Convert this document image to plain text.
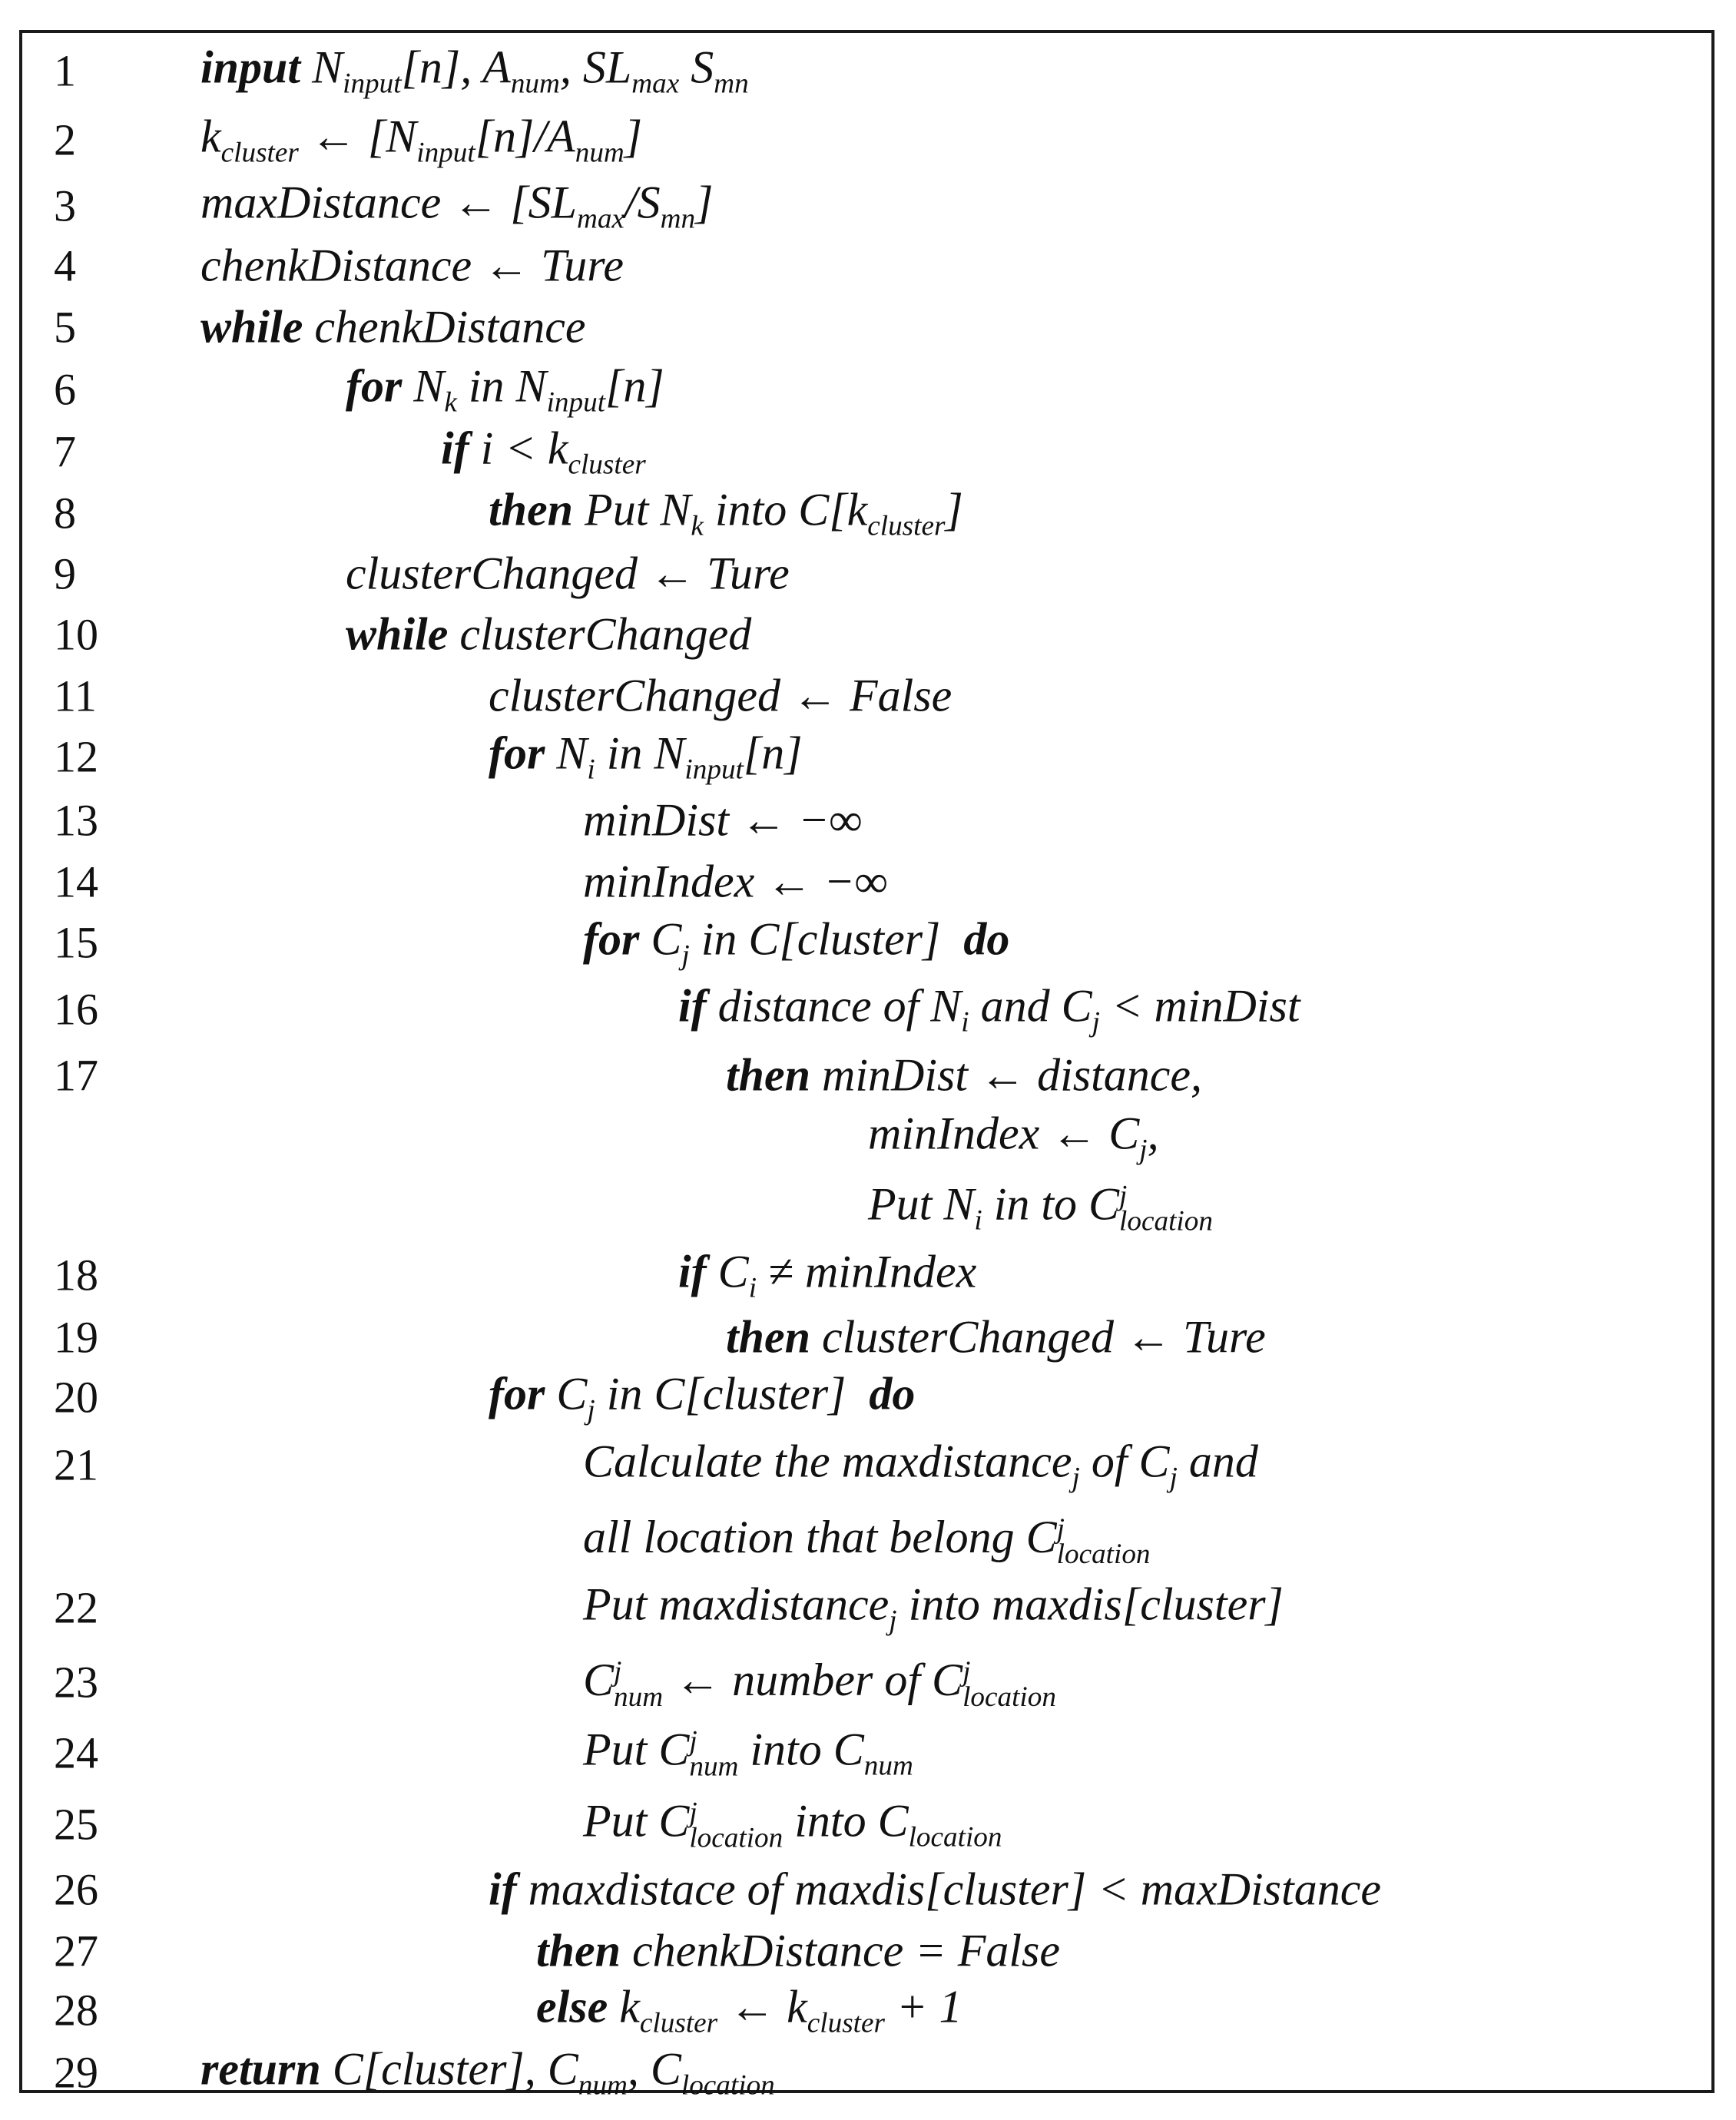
1	input $N_{input}[n]$, $A_{num}$, $SL_{max}$ $S_{mn}$
2	$k_{cluster}$ ← $[N_{input}[n]/A_{num}]$
3	maxDistance ← $[SL_{max}/S_{mn}]$
4	chenkDistance ← Ture
5	while chenkDistance
6	for $N_k$ in $N_{input}[n]$
7	if $i < k_{cluster}$
8	then Put $N_k$ into $C[k_{cluster}]$
9	clusterChanged ← Ture
10	while clusterChanged
11	clusterChanged ← False
12	for $N_i$ in $N_{input}[n]$
13	minDist ← −∞
14	minIndex ← −∞
15	for $C_j$ in C[cluster] do
16	if distance of $N_i$ and $C_j$ < minDist
17	then minDist ← distance,
minIndex ← $C_j$,
Put $N_i$ in to C j
location
18	if $C_i$ ≠ minIndex
19	then clusterChanged ← Ture
20	for $C_j$ in C[cluster] do
21	Calculate the maxdistance$_j$ of $C_j$ and
all location that belong C j
location
22	Put maxdistance$_j$ into maxdis[cluster]
23	C j
num ← number of C j
location
24	Put C j
num into $C_{num}$
25	Put C j
location into $C_{location}$
26	if maxdistace of maxdis[cluster] < maxDistance
27	then chenkDistance = False
28	else $k_{cluster}$ ← $k_{cluster} + 1$
29 return C[cluster], $C_{num}$, $C_{location}$
